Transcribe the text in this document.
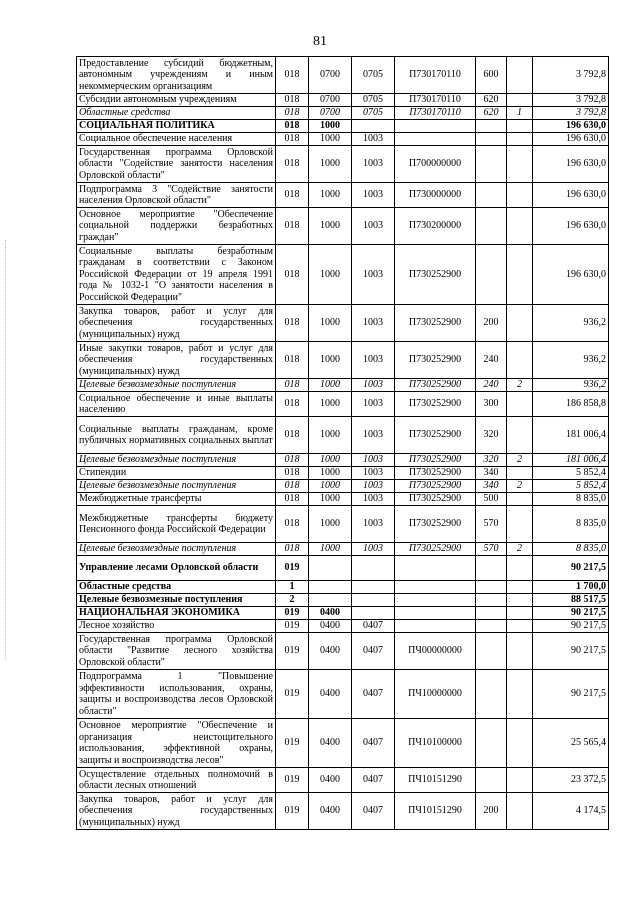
81
Предоставление субсидий бюджетным, автономным учреждениям и иным некоммерческим организациям	018	0700	0705	П730170110	600		3 792,8
Субсидии автономным учреждениям	018	0700	0705	П730170110	620		3 792,8
Областные средства	018	0700	0705	П730170110	620	1	3 792,8
СОЦИАЛЬНАЯ ПОЛИТИКА	018	1000					196 630,0
Социальное обеспечение населения	018	1000	1003				196 630,0
Государственная программа Орловской области "Содействие занятости населения Орловской области"	018	1000	1003	П700000000			196 630,0
Подпрограмма 3 "Содействие занятости населения Орловской области"	018	1000	1003	П730000000			196 630,0
Основное мероприятие "Обеспечение социальной поддержки безработных граждан"	018	1000	1003	П730200000			196 630,0
Социальные выплаты безработным гражданам в соответствии с Законом Российской Федерации от 19 апреля 1991 года № 1032-1 "О занятости населения в Российской Федерации"	018	1000	1003	П730252900			196 630,0
Закупка товаров, работ и услуг для обеспечения государственных (муниципальных) нужд	018	1000	1003	П730252900	200		936,2
Иные закупки товаров, работ и услуг для обеспечения государственных (муниципальных) нужд	018	1000	1003	П730252900	240		936,2
Целевые безвозмездные поступления	018	1000	1003	П730252900	240	2	936,2
Социальное обеспечение и иные выплаты населению	018	1000	1003	П730252900	300		186 858,8
Социальные выплаты гражданам, кроме публичных нормативных социальных выплат	018	1000	1003	П730252900	320		181 006,4
Целевые безвозмездные поступления	018	1000	1003	П730252900	320	2	181 006,4
Стипендии	018	1000	1003	П730252900	340		5 852,4
Целевые безвозмездные поступления	018	1000	1003	П730252900	340	2	5 852,4
Межбюджетные трансферты	018	1000	1003	П730252900	500		8 835,0
Межбюджетные трансферты бюджету Пенсионного фонда Российской Федерации	018	1000	1003	П730252900	570		8 835,0
Целевые безвозмездные поступления	018	1000	1003	П730252900	570	2	8 835,0
Управление лесами Орловской области	019						90 217,5
Областные средства	1						1 700,0
Целевые безвозмезные поступления	2						88 517,5
НАЦИОНАЛЬНАЯ ЭКОНОМИКА	019	0400					90 217,5
Лесное хозяйство	019	0400	0407				90 217,5
Государственная программа Орловской области "Развитие лесного хозяйства Орловской области"	019	0400	0407	ПЧ00000000			90 217,5
Подпрограмма 1 "Повышение эффективности использования, охраны, защиты и воспроизводства лесов Орловской области"	019	0400	0407	ПЧ10000000			90 217,5
Основное мероприятие "Обеспечение и организация неистощительного использования, эффективной охраны, защиты и воспроизводства лесов"	019	0400	0407	ПЧ10100000			25 565,4
Осуществление отдельных полномочий в области лесных отношений	019	0400	0407	ПЧ10151290			23 372,5
Закупка товаров, работ и услуг для обеспечения государственных (муниципальных) нужд	019	0400	0407	ПЧ10151290	200		4 174,5
